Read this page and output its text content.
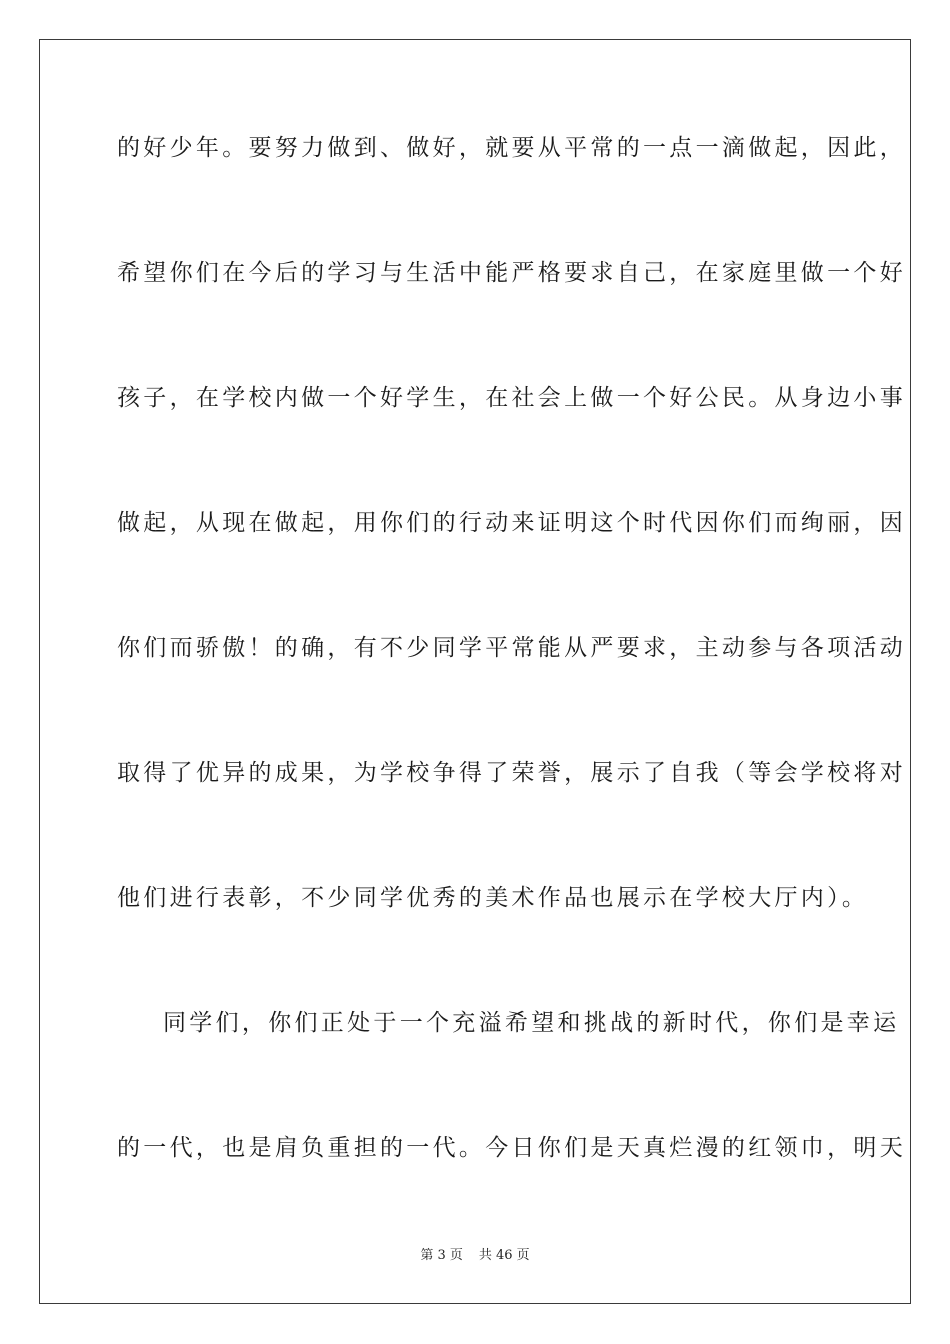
的好少年。要努力做到、做好，就要从平常的一点一滴做起，因此，
希望你们在今后的学习与生活中能严格要求自己，在家庭里做一个好
孩子，在学校内做一个好学生，在社会上做一个好公民。从身边小事
做起，从现在做起，用你们的行动来证明这个时代因你们而绚丽，因
你们而骄傲！的确，有不少同学平常能从严要求，主动参与各项活动
取得了优异的成果，为学校争得了荣誉，展示了自我（等会学校将对
他们进行表彰，不少同学优秀的美术作品也展示在学校大厅内）。
同学们，你们正处于一个充溢希望和挑战的新时代，你们是幸运
的一代，也是肩负重担的一代。今日你们是天真烂漫的红领巾，明天
第 3 页 共 46 页
